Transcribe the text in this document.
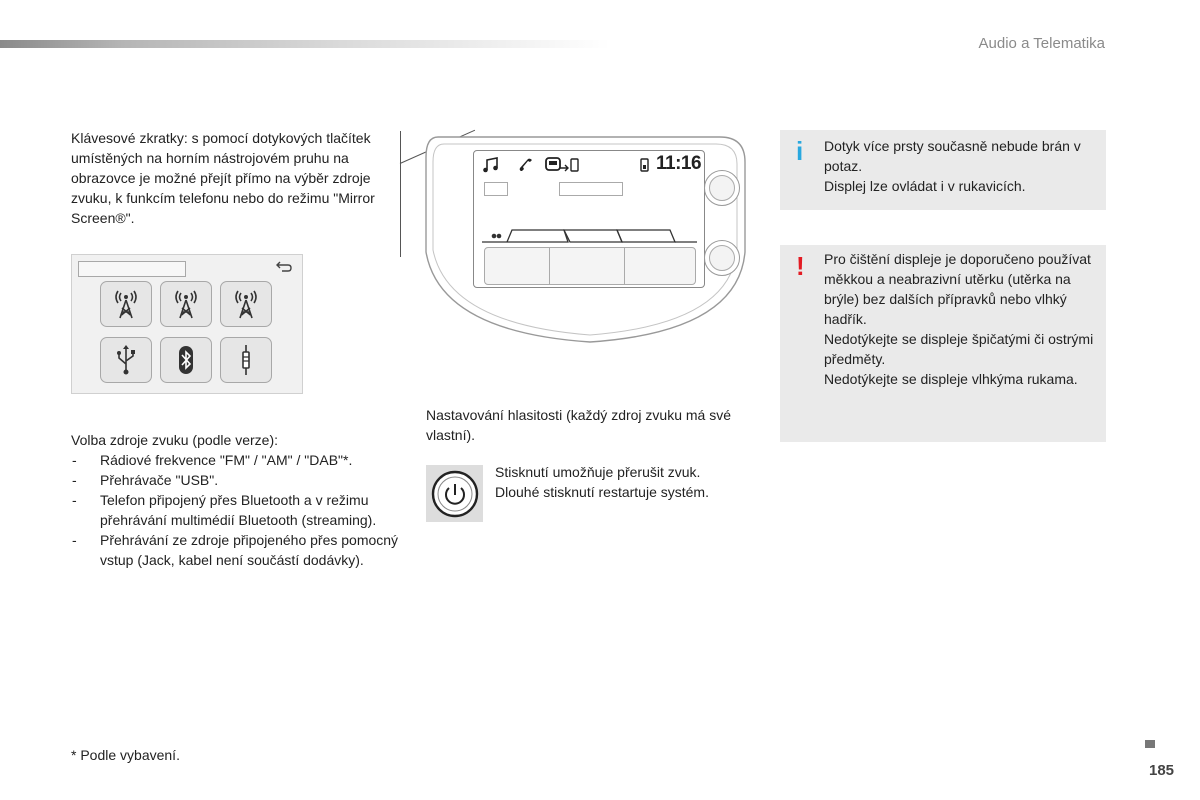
Audio a Telematika
Klávesové zkratky: s pomocí dotykových tlačítek umístěných na horním nástrojovém pruhu na obrazovce je možné přejít přímo na výběr zdroje zvuku, k funkcím telefonu nebo do režimu "Mirror Screen®".
11:16
Volba zdroje zvuku (podle verze):
- Rádiové frekvence "FM" / "AM" / "DAB"*.
- Přehrávače "USB".
- Telefon připojený přes Bluetooth a v režimu přehrávání multimédií Bluetooth (streaming).
- Přehrávání ze zdroje připojeného přes pomocný vstup (Jack, kabel není součástí dodávky).
Nastavování hlasitosti (každý zdroj zvuku má své vlastní).
Stisknutí umožňuje přerušit zvuk.
Dlouhé stisknutí restartuje systém.
i Dotyk více prsty současně nebude brán v potaz.
Displej lze ovládat i v rukavicích.
! Pro čištění displeje je doporučeno používat měkkou a neabrazivní utěrku (utěrka na brýle) bez dalších přípravků nebo vlhký hadřík.
Nedotýkejte se displeje špičatými či ostrými předměty.
Nedotýkejte se displeje vlhkýma rukama.
* Podle vybavení.
185
